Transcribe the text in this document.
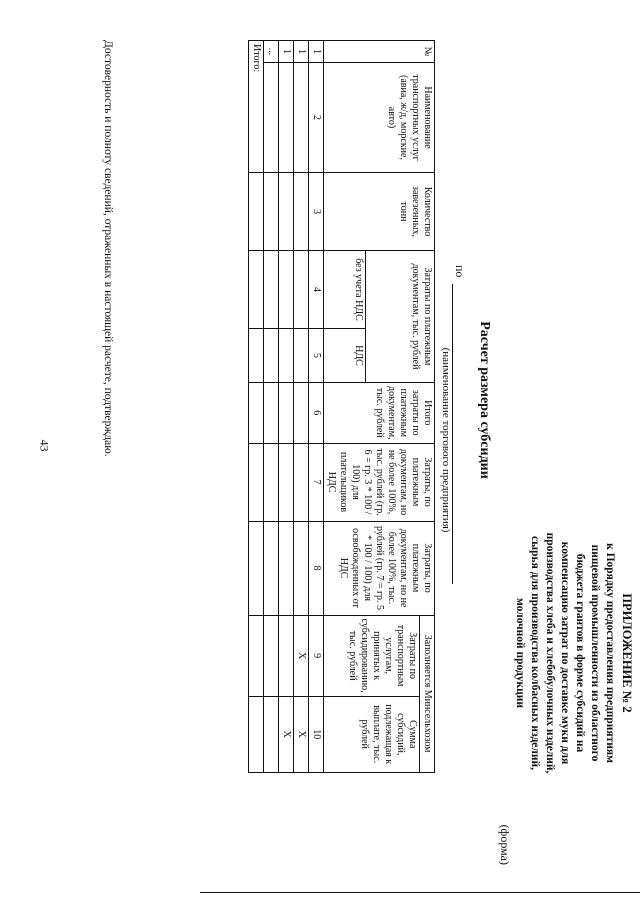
43
ПРИЛОЖЕНИЕ № 2
к Порядку предоставления предприятиям
пищевой промышленности из областного
бюджета грантов в форме субсидий на
компенсацию затрат по доставке муки для
производства хлеба и хлебобулочных изделий,
сырья для производства колбасных изделий,
молочной продукции
(форма)
Расчет размера субсидии
по
(наименование торгового предприятия)
№	Наименование транспортных услуг (авиа, ж/д, морские, авто)	Количество завезенных, тонн	Затраты по платежным документам, тыс. рублей		Итого затраты по платежным документам, тыс. рублей	Затраты, по платежным документам, но не более 100%, тыс. рублей (гр. 6 = гр. 3 * 100 / 100) для плательщиков НДС	Затраты, по платежным документам, но не более 100%, тыс. рублей (гр. 7 = гр. 5 * 100 / 100) для освобожденных от НДС	Заполняется Минсельхозом	
								Затраты по транспортным услугам, принятых к субсидированию, тыс. рублей	Сумма субсидий, подлежащая к выплате, тыс. рублей
			без учета НДС	НДС					
1	2	3	4	5	6	7	8	9	10
1								X	X
1									X
...									
Итого:									
Достоверность и полноту сведений, отраженных в настоящей расчете, подтверждаю.
